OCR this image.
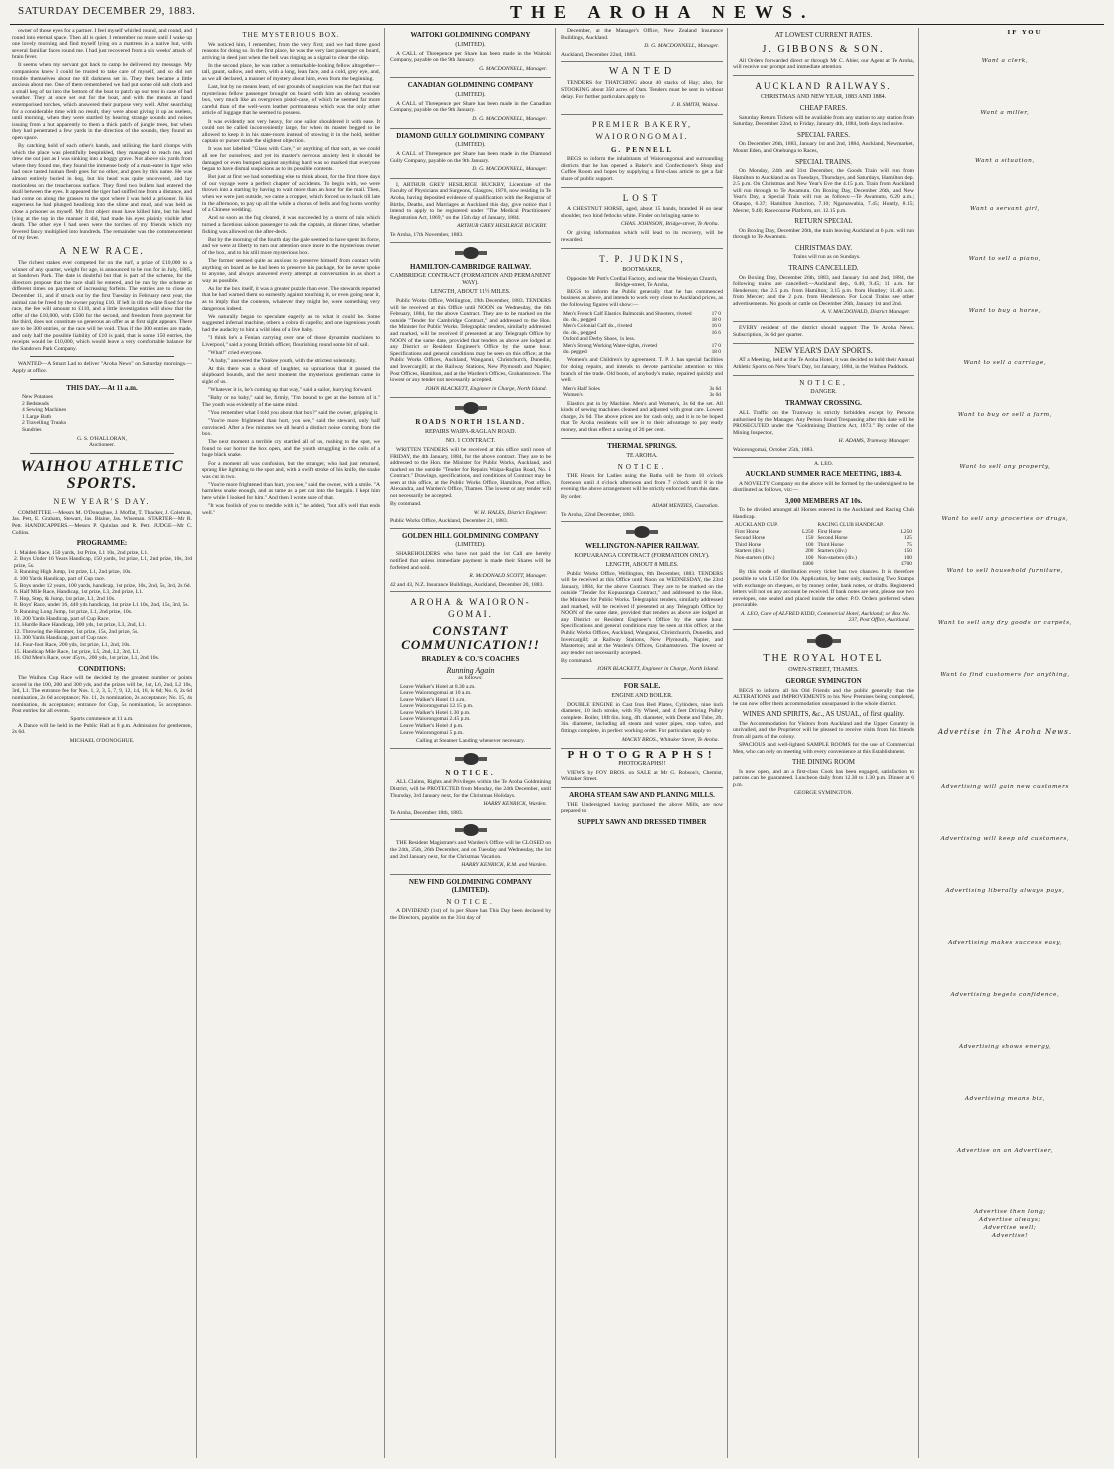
SATURDAY DECEMBER 29, 1883.	THE AROHA NEWS.

owner of those eyes for a partner. I feel myself whirled round, and round, and round into eternal space. Then all is quiet. I remember no more until I wake up one lovely morning and find myself lying on a mattress in a native hut, with several familiar faces round me. I had just recovered from a six weeks' attack of brain fever.

It seems when my servant got back to camp he delivered my message. My companions knew I could be trusted to take care of myself, and so did not trouble themselves about me till darkness set in. They then became a little anxious about me. One of them remembered we had put some old salt cloth and a small keg of tar into the bottom of the boat to patch up our tent in case of bad weather. They at once set out for the boat, and with the means at hand extemporised torches, which answered their purpose very well. After searching for a considerable time with no result, they were about giving it up as useless, until morning, when they were startled by hearing strange sounds and noises issuing from a hut apparently to them a thick patch of jungle trees, but when they had penetrated a few yards in the direction of the sounds, they found an open space.

By catching hold of each other's hands, and utilising the hard clumps with which the place was plentifully bespinkled, they managed to reach me, and drew me out just as I was sinking into a boggy grave. Not above six yards from where they found me, they found the immense body of a man-eater in tiger who had once tasted human flesh goes for no other, and goes by this name. He was almost entirely buried in bog, but his head was quite uncovered, and lay motionless on the treacherous surface. They fired two bullets had entered the skull between the eyes. It appeared the tiger had sniffed me from a distance, and had come on along the grasses to the spot where I was held a prisoner. In his eagerness he had plunged headlong into the slime and mud, and was held as close a prisoner as myself. My first object must have killed him, but his head lying at the top in the manner it did, had made his eyes plainly visible after death. The other eye I had seen were the torches of my friends which my fevered fancy multiplied into hundreds. The remainder was the commencement of my fever.

A NEW RACE.

The richest stakes ever competed for on the turf, a prize of £10,000 to a winner of any quarter, weight for age, is announced to be run for in July, 1885, at Sandown Park. The date is doubtful but that is part of the scheme, for the directors propose that the race shall be entered, and be run by the scheme at different times on payment of increasing forfeits. The entries are to close on December 11, and if struck out by the first Tuesday in February next year, the animal can be freed by the owner paying £10. If left in till the date fixed for the race, the fee will amount to £110, and a little investigation will show that the offer of the £10,000, with £500 for the second, and freedom from payment for the third, does not constitute so generous an offer as at first sight appears. There are to be 300 entries, or the race will be void. Thus if the 300 entries are made, and only half the possible liability of £10 is paid, that is some 150 entries, the receipts would be £10,000, which would leave a very comfortable balance for the Sandown Park Company.

WANTED—A Smart Lad to deliver "Aroha News" on Saturday mornings.—Apply at office.

THIS DAY.—At 11 a.m.
New Potatoes
2 Bedsteads
4 Sewing Machines
1 Large Bath
2 Travelling Trunks
Sundries
G. S. O'HALLORAN,
Auctioneer.
WAIHOU ATHLETIC SPORTS.
NEW YEAR'S DAY.

COMMITTEE.—Messrs M. O'Donoghue, J. Moffat, T. Thacker, J. Coleman, Jas. Pett, E. Graham, Stewart, Jas. Blaine, Jas. Wiseman. STARTER—Mr R. Pett. HANDICAPPERS.—Messrs P. Quinlan and R. Pett. JUDGE—Mr C. Collins.

PROGRAMME:
1. Maiden Race, 150 yards, 1st Prize, L1 10s, 2nd prize, L1.
2. Boys Under 16 Years Handicap, 150 yards, 1st prize, L1, 2nd prize, 10s, 3rd prize, 5s.
3. Running High Jump, 1st prize, L1, 2nd prize, 10s.
4. 100 Yards Handicap, part of Cup race.
5. Boys under 12 years, 100 yards, handicap, 1st prize, 10s, 2nd, 5s, 3rd, 2s 6d.
6. Half Mile Race, Handicap, 1st prize, L3, 2nd prize, L1.
7. Hop, Step, & Jump, 1st prize, L1, 2nd 10s.
8. Boys' Race, under 16, 440 yds handicap, 1st prize L1 10s, 2nd, 15s, 3rd, 5s.
9. Running Long Jump, 1st prize, L1, 2nd prize, 10s.
10. 200 Yards Handicap, part of Cup Race.
11. Hurdle Race Handicap, 300 yds, 1st prize, L3, 2nd, L1.
12. Throwing the Hammer, 1st prize, 15s, 2nd prize, 5s.
13. 300 Yards Handicap, part of Cup race.
14. Four-foot Race, 200 yds, 1st prize, L1, 2nd, 10s.
15. Handicap Mile Race, 1st prize, L5, 2nd, L2, 3rd, L1.
16. Old Men's Race, over 45yrs., 200 yds, 1st prize, L1, 2nd 10s.
CONDITIONS:

The Waihou Cup Race will be decided by the greatest number or points scored in the 100, 200 and 300 yds, and the prizes will be, 1st, L6, 2nd, L2 10s, 3rd, L1. The entrance fee for Nos. 1, 2, 3, 5, 7, 9, 12, 14, 16, is 6d; No. 6, 2s 6d nomination, 2s 6d acceptance; No. 11, 2s nomination, 2s acceptance; No. 15, 4s nomination, 4s acceptance; entrance for Cup, 5s nomination, 5s acceptance. Post entries for all events.

Sports commence at 11 a.m.

A Dance will be held in the Public Hall at 8 p.m. Admission for gentlemen, 2s 6d.

MICHAEL O'DONOGHUE.
THE MYSTERIOUS BOX.

We noticed him, I remember, from the very first; and we had three good reasons for doing so. In the first place, he was the very last passenger on board, arriving in deed just when the bell was ringing as a signal to clear the ship.

In the second place, he was rather a remarkable-looking fellow altogether—tall, gaunt, sallow, and stern, with a long, lean face, and a cold, grey eye, and, as we all declared, a manner of mystery about him, even from the beginning.

Last, but by no means least, of our grounds of suspicion was the fact that our mysterious fellow passenger brought on board with him an oblong wooden box, very much like an overgrown pistol-case, of which he seemed far more careful than of the well-worn leather portmanteau which was the only other article of luggage that he seemed to possess.

It was evidently not very heavy, for one sailor shouldered it with ease. It could not be called inconveniently large, for when its master begged to be allowed to keep it in his state-room instead of stowing it in the hold, neither captain or purser made the slightest objection.

It was not labelled "Glass with Care," or anything of that sort, as we could all see for ourselves; and yet its master's nervous anxiety lest it should be damaged or even bumped against anything hard was so marked that everyone began to have dismal suspicions as to its possible contents.

But just at first we had something else to think about, for the first three days of our voyage were a perfect chapter of accidents. To begin with, we were thrown into a starting by having to wait more than an hour for the mail. Then, when we were just outside, we came a cropper, which forced us to back till late in the afternoon, to pay up all the while a chorus of bells and fog horns worthy of a Chinese wedding.

And so soon as the fog cleared, it was succeeded by a storm of rain which turned a facetious saloon passenger to ask the captain, at dinner time, whether fishing was allowed on the after-deck.

But by the morning of the fourth day the gale seemed to have spent its force, and we were at liberty to turn our attention once more to the mysterious owner of the box, and to his still more mysterious box.

The former seemed quite as anxious to preserve himself from contact with anything on board as he had been to preserve his package, for he never spoke to anyone, and always answered every attempt at conversation in as short a way as possible.

As for the box itself, it was a greater puzzle than ever. The stewards reported that he had warned them so earnestly against touching it, or even going near it, as to imply that the contents, whatever they might be, were something very dangerous indeed.

We naturally began to speculate eagerly as to what it could be. Some suggested infernal machine, others a cobra di capello; and one ingenious youth had the audacity to hint a wild idea of a live baby.

"I think he's a Fenian carrying over one of those dynamite machines to Liverpool," said a young British officer, flourishing round some bit of sail.

"What!" cried everyone.

"A baby," answered the Yankee youth, with the strictest solemnity.

At this there was a shout of laughter, so uproarious that it passed the shipboard bounds, and the next moment the mysterious gentleman came in sight of us.

"Whatever it is, he's coming up that way," said a sailor, hurrying forward.

"Baby or no baby," said he, firmly, "I'm bound to get at the bottom of it." The youth was evidently of the same mind.

"You remember what I told you about that box?" said the owner, gripping it.

"You're more frightened than hurt, you see," said the steward, only half convinced. After a few minutes we all heard a distinct noise coming from the box.

The next moment a terrible cry startled all of us, rushing to the spot, we found to our horror the box open, and the youth struggling in the coils of a huge black snake.

For a moment all was confusion, but the stranger, who had just returned, sprang like lightning to the spot and, with a swift stroke of his knife, the snake was cut in two.

"You're more frightened than hurt, you see," said the owner, with a smile. "A harmless snake enough, and as tame as a pet cat into the bargain. I kept him here while I looked for him." And then I wrote sure of that.

"It was foolish of you to meddle with it," he added, "but all's well that ends well."

WAITOKI GOLDMINING COMPANY
(LIMITED).

A CALL of Threepence per Share has been made in the Waitoki Company, payable on the 9th January.

G. MACDONNELL, Manager.
CANADIAN GOLDMINING COMPANY
(LIMITED).

A CALL of Threepence per Share has been made in the Canadian Company, payable on the 9th January.

D. G. MACDONNELL, Manager.
DIAMOND GULLY GOLDMINING COMPANY
(LIMITED).

A CALL of Threepence per Share has been made in the Diamond Gully Company, payable on the 9th January.

D. G. MACDONNELL, Manager.

I, ARTHUR GREY HESILRIGE BUCKBY, Licentiate of the Faculty of Physicians and Surgeons, Glasgow, 1876, now residing in Te Aroha, having deposited evidence of qualification with the Registrar of Births, Deaths, and Marriages at Auckland this day, give notice that I intend to apply to be registered under "The Medical Practitioners' Registration Act, 1869," on the 15th day of January, 1884.

ARTHUR GREY HESILRIGE BUCKBY.
Te Aroha, 17th November, 1883.
HAMILTON-CAMBRIDGE RAILWAY.
CAMBRIDGE CONTRACT (FORMATION AND PERMANENT WAY).
LENGTH, ABOUT 11½ MILES.

Public Works Office, Wellington, 19th December, 1883. TENDERS will be received at this Office until NOON on Wednesday, the 6th February, 1884, for the above Contract. They are to be marked on the outside "Tender for Cambridge Contract," and addressed to the Hon. the Minister for Public Works. Telegraphic tenders, similarly addressed and marked, will be received if presented at any Telegraph Office by NOON of the same date, provided that tenders as above are lodged at any District or Resident Engineer's Office by the same hour. Specifications and general conditions may be seen on this office; at the Public Works Offices, Auckland, Wanganui, Christchurch, Dunedin, and Invercargill; at the Railway Stations, New Plymouth and Napier; Post Offices, Hamilton, and at the Warden's Offices, Grahamstown. The lowest or any tender not necessarily accepted.

JOHN BLACKETT, Engineer in Charge, North Island.
ROADS NORTH ISLAND.
REPAIRS WAIPA-RAGLAN ROAD.
NO. 1 CONTRACT.

WRITTEN TENDERS will be received at this office until noon of FRIDAY, the 4th January, 1884, for the above contract. They are to be addressed to the Hon. the Minister for Public Works, Auckland, and marked on the outside "Tender for Repairs Waipa-Raglan Road, No. 1 Contract." Drawings, specifications, and conditions of Contract may be seen at this office, at the Public Works Office, Hamilton, Post office, Alexandra, and Warden's Office, Thames. The lowest or any tender will not necessarily be accepted.

By command.
W. H. HALES, District Engineer.
Public Works Office, Auckland, December 21, 1883.
GOLDEN HILL GOLDMINING COMPANY
(LIMITED).

SHAREHOLDERS who have not paid the 1st Call are hereby notified that unless immediate payment is made their Shares will be forfeited and sold.

R. McDONALD SCOTT, Manager.
42 and 43, N.Z. Insurance Buildings, Auckland, December 20, 1883.
AROHA & WAIORON-GOMAI.
CONSTANT COMMUNICATION!!
BRADLEY & CO.'S COACHES
Running Again
as follows:
Leave Walker's Hotel at 8.30 a.m.
Leave Waiorongomai at 10 a.m.
Leave Walker's Hotel 11 a.m.
Leave Waiorongomai 12.15 p.m.
Leave Walker's Hotel 1.30 p.m.
Leave Waiorongomai 2.45 p.m.
Leave Walker's Hotel 4 p.m.
Leave Waiorongomai 5 p.m.
Calling at Steamer Landing whenever necessary.
NOTICE.

ALL Claims, Rights and Privileges within the Te Aroha Goldmining District, will be PROTECTED from Monday, the 24th December, until Thursday, 3rd January next, for the Christmas Holidays.

HARRY KENRICK, Warden.
Te Aroha, December 18th, 1883.

THE Resident Magistrate's and Warden's Office will be CLOSED on the 24th, 25th, 26th December, and on Tuesday and Wednesday, the 1st and 2nd January next, for the Christmas Vacation.

HARRY KENRICK, R.M. and Warden.
NEW FIND GOLDMINING COMPANY (LIMITED).
NOTICE.

A DIVIDEND (1st) of 1s per Share has This Day been declared by the Directors, payable on the 31st day of

December, at the Manager's Office, New Zealand Insurance Buildings, Auckland.

D. G. MACDONNELL, Manager.
Auckland, December 22nd, 1883.
WANTED

TENDERS for THATCHING about 40 stacks of Hay; also, for STOOKING about 350 acres of Oats. Tenders must be sent in without delay. For further particulars apply to

J. B. SMITH, Waitoa.
PREMIER BAKERY, WAIORONGOMAI.
G. PENNELL

BEGS to inform the inhabitants of Waiorongomai and surrounding districts that he has opened a Baker's and Confectioner's Shop and Coffee Room and hopes by supplying a first-class article to get a fair share of public support.

LOST

A CHESTNUT HORSE, aged, about 15 hands, branded H on near shoulder, two hind fetlocks white. Finder on bringing same to

CHAS. JOHNSON, Bridge-street, Te Aroha.

Or giving information which will lead to its recovery, will be rewarded.

T. P. JUDKINS,
BOOTMAKER,
Opposite Mr Pott's Cordial Factory, and near the Wesleyan Church, Bridge-street, Te Aroha,

BEGS to inform the Public generally that he has commenced business as above, and intends to work very close to Auckland prices, as the following figures will show:—

Men's French Calf Elastics Balmorals and Shooters, riveted	17 0
do. do., pegged	18 0
Men's Colonial Calf do., riveted	16 0
do. do., pegged	16 6
Oxford and Derby Shoes, 1s less.	
Men's Strong Working Water-tights, riveted	17 0
do. pegged	18 0

Women's and Children's by agreement. T. P. J. has special facilities for doing repairs, and intends to devote particular attention to this branch of the trade. Old boots, of anybody's make, repaired quickly and well.

Men's Half Soles	3s 6d
Women's	3s 0d

Elastics put in by Machine. Men's and Women's, 3s 6d the set. All kinds of sewing machines cleaned and adjusted with great care. Lowest charge, 2s 6d. The above prices are for cash only, and it is to be hoped that Te Aroha residents will see it to their advantage to pay ready money, and thus effect a saving of 20 per cent.

THERMAL SPRINGS.
TE AROHA.
NOTICE.

THE Hours for Ladies using the Baths will be from 10 o'clock forenoon until 4 o'clock afternoon and from 7 o'clock until 8 in the evening the above arrangement will be strictly enforced from this date.

By order.
ADAM MENZIES, Custodian.
Te Aroha, 22nd December, 1883.
WELLINGTON-NAPIER RAILWAY.
KOPUARANGA CONTRACT (FORMATION ONLY).
LENGTH, ABOUT 8 MILES.

Public Works Office, Wellington, 8th December, 1883. TENDERS will be received at this Office until Noon on WEDNESDAY, the 23rd January, 1884, for the above Contract. They are to be marked on the outside "Tender for Kopuaranga Contract," and addressed to the Hon. the Minister for Public Works. Telegraphic tenders, similarly addressed and marked, will be received if presented at any Telegraph Office by NOON of the same date, provided that tenders as above are lodged at any District or Resident Engineer's Office by the same hour. Specifications and general conditions may be seen at this office; at the Public Works Offices, Auckland, Wanganui, Christchurch, Dunedin, and Invercargill; at Railway Stations, New Plymouth, Napier, and Masterton; and at the Warden's Offices, Grahamstown. The lowest or any tender not necessarily accepted.

By command.
JOHN BLACKETT, Engineer in Charge, North Island.
FOR SALE.
ENGINE AND BOILER.

DOUBLE ENGINE in Cast Iron Bed Plates, Cylinders, nine inch diameter, 10 inch stroke, with Fly Wheel, and 4 feet Driving Pulley complete. Boiler, 18ft 6in. long, 4ft. diameter, with Dome and Tube, 2ft. 3in. diameter, including all steam and water pipes, stop valve, and fittings complete, in perfect working order. For particulars apply to

MACKY BROS., Whitaker Street, Te Aroha.
PHOTOGRAPHS!
PHOTOGRAPHS!!

VIEWS by FOY BROS. on SALE at Mr G. Robson's, Chemist, Whitaker Street.

AROHA STEAM SAW AND PLANING MILLS.

THE Undersigned having purchased the above Mills, are now prepared to

SUPPLY SAWN AND DRESSED TIMBER
AT LOWEST CURRENT RATES.
J. GIBBONS & SON.

All Orders forwarded direct or through Mr C. Abier, our Agent at Te Aroha, will receive our prompt and immediate attention.

AUCKLAND RAILWAYS.
CHRISTMAS AND NEW YEAR, 1883 AND 1884.
CHEAP FARES.

Saturday Return Tickets will be available from any station to any station from Saturday, December 22nd, to Friday, January 4th, 1884, both days inclusive.

SPECIAL FARES.

On December 26th, 1883, January 1st and 2nd, 1884, Auckland, Newmarket, Mount Eden, and Onehunga to Races,

SPECIAL TRAINS.

On Monday, 24th and 31st December, the Goods Train will run from Hamilton to Auckland as on Tuesdays, Thursdays, and Saturdays, Hamilton dep. 2.5 p.m. On Christmas and New Year's Eve the 4.15 p.m. Train from Auckland will run through to Te Awamutu. On Boxing Day, December 26th, and New Year's Day, a Special Train will run as follows:—Te Awamutu, 6.20 a.m.; Ohaupo, 6.37; Hamilton Junction, 7.10; Ngaruawahia, 7.45; Huntly, 8.15; Mercer, 9.40; Racecourse Platform, arr. 12.15 p.m.

RETURN SPECIAL

On Boxing Day, December 26th, the train leaving Auckland at 6 p.m. will run through to Te Awamutu.

CHRISTMAS DAY.

Trains will run as on Sundays.

TRAINS CANCELLED.

On Boxing Day, December 26th, 1883, and January 1st and 2nd, 1884, the following trains are cancelled:—Auckland dep., 6.40, 9.45; 11 a.m. for Henderson; the 2.5 p.m. from Hamilton; 3.15 p.m. from Huntley; 11.40 a.m. from Mercer; and the 2 p.m. from Henderson. For Local Trains see other advertisements. No goods or cattle on December 26th, January 1st and 2nd.

A. V. MACDONALD, District Manager.

EVERY resident of the district should support The Te Aroha News. Subscription, 3s 6d per quarter.

NEW YEAR'S DAY SPORTS.

AT a Meeting, held at the Te Aroha Hotel, it was decided to hold their Annual Athletic Sports on New Year's Day, 1st January, 1884, in the Waihou Paddock.

NOTICE,
DANGER.
TRAMWAY CROSSING.

ALL Traffic on the Tramway is strictly forbidden except by Persons authorised by the Manager. Any Person found Trespassing after this date will be PROSECUTED under the "Goldmining Districts Act, 1873." By order of the Mining Inspector,

H. ADAMS, Tramway Manager.
Waiorongomai, October 25th, 1883.
A. LEO.
AUCKLAND SUMMER RACE MEETING, 1883-4.

A NOVELTY Company on the above will be formed by the undersigned to be distributed as follows, viz:—

3,000 MEMBERS AT 10s.

To be divided amongst all Horses entered in the Auckland and Racing Club Handicap.

AUCKLAND CUP.		RACING CLUB HANDICAP.	
First Horse	L250	First Horse	L250
Second Horse	150	Second Horse	125
Third Horse	100	Third Horse	75
Starters (div.)	200	Starters (div.)	150
Non-starters (div.)	100	Non-starters (div.)	100
	£800		£700

By this mode of distribution every ticket has two chances. It is therefore possible to win L150 for 10s. Application, by letter only, enclosing Two Stamps with exchange on cheques, or by money order, bank notes, or drafts. Registered letters will not on any account be received. If bank notes are sent, please use two envelopes, one sealed and placed inside the other. P.O. Orders preferred when procurable.

A. LEO, Care of ALFRED KIDD, Commercial Hotel, Auckland; or Box No. 237, Post Office, Auckland.
THE ROYAL HOTEL
OWEN-STREET, THAMES.
GEORGE SYMINGTON

BEGS to inform all his Old Friends and the public generally that the ALTERATIONS and IMPROVEMENTS to his New Premises being completed, he can now offer them accommodation unsurpassed in the whole district.

WINES AND SPIRITS, &c., AS USUAL, of first quality.

The Accommodation for Visitors from Auckland and the Upper Country is unrivalled, and the Proprietor will be pleased to receive visits from his friends from all parts of the colony.

SPACIOUS and well-lighted SAMPLE ROOMS for the use of Commercial Men, who can rely on meeting with every convenience at this Establishment.

THE DINING ROOM

Is now open, and an a first-class Cook has been engaged, satisfaction to patrons can be guaranteed. Luncheon daily from 12.30 to 1.30 p.m. Dinner at 6 p.m.

GEORGE SYMINGTON.
IF YOU
Want a clerk,
Want a miller,
Want a situation,
Want a servant girl,
Want to sell a piano,
Want to buy a horse,
Want to sell a carriage,
Want to buy or sell a farm,
Want to sell any property,
Want to sell any groceries or drugs,
Want to sell household furniture,
Want to sell any dry goods or carpets,
Want to find customers for anything,
Advertise in The Aroha News.
Advertising will gain new customers
Advertising will keep old customers,
Advertising liberally always pays,
Advertising makes success easy,
Advertising begets confidence,
Advertising shows energy,
Advertising means biz,
Advertise on an Advertiser,
Advertise then long; Advertise always; Advertise well; Advertise!
